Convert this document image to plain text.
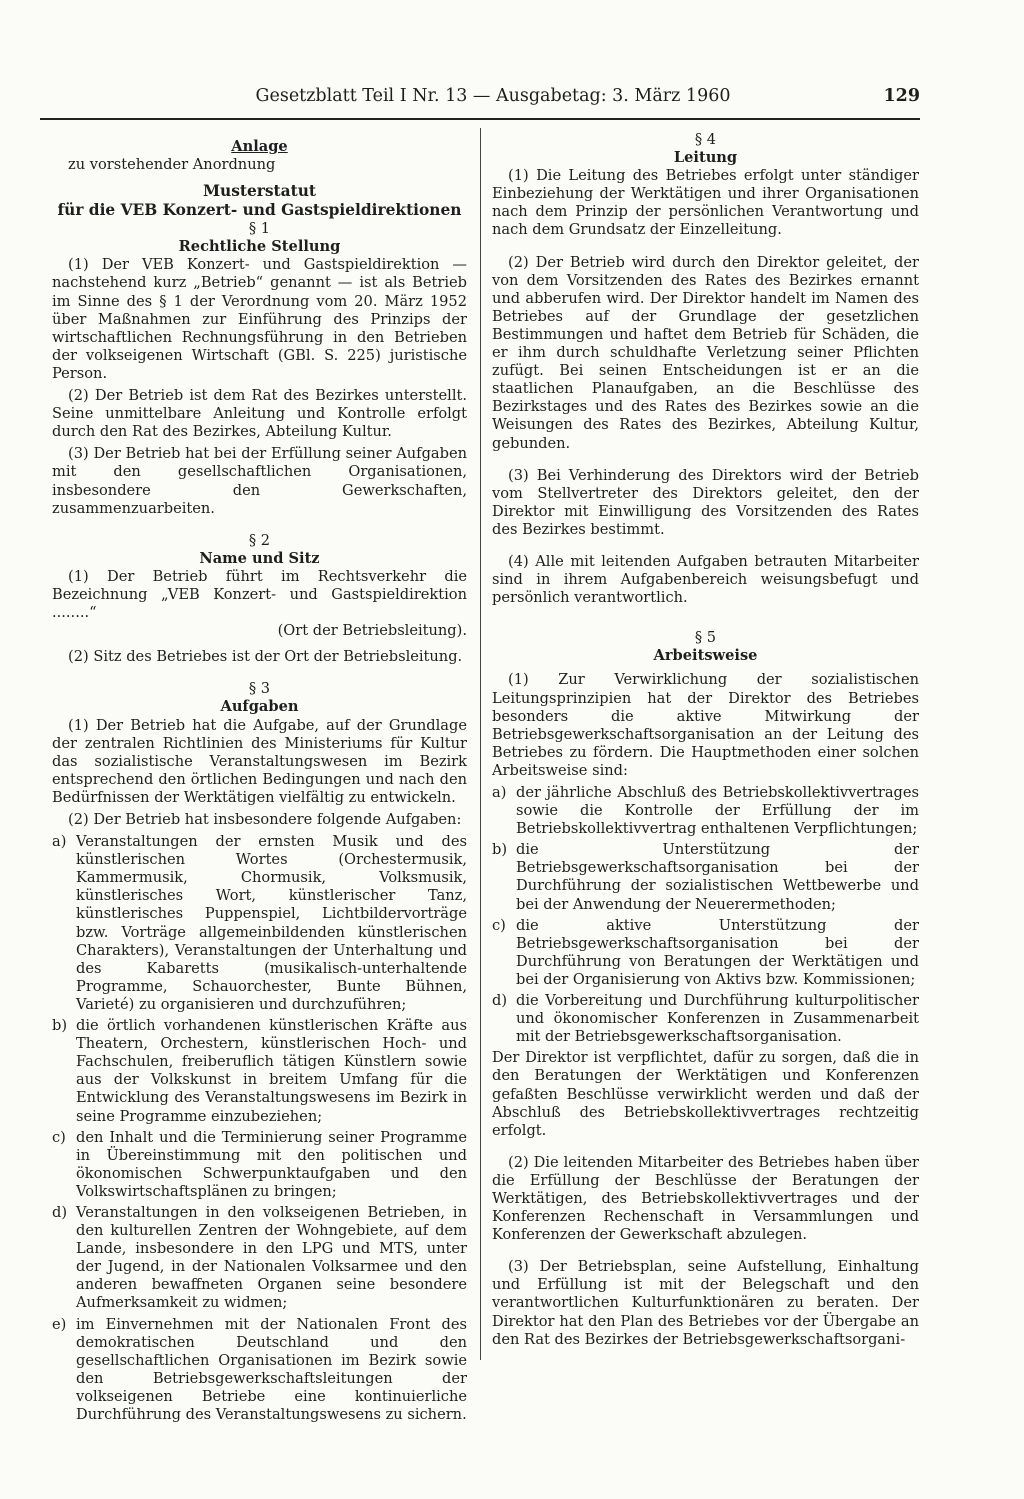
Gesetzblatt Teil I Nr. 13 — Ausgabetag: 3. März 1960	129

Anlage

zu vorstehender Anordnung

Musterstatut

für die VEB Konzert- und Gastspieldirektionen

§ 1

Rechtliche Stellung

(1) Der VEB Konzert- und Gastspieldirektion — nachstehend kurz „Betrieb“ genannt — ist als Betrieb im Sinne des § 1 der Verordnung vom 20. März 1952 über Maßnahmen zur Einführung des Prinzips der wirtschaftlichen Rechnungsführung in den Betrieben der volkseigenen Wirtschaft (GBl. S. 225) juristische Person.

(2) Der Betrieb ist dem Rat des Bezirkes unterstellt. Seine unmittelbare Anleitung und Kontrolle erfolgt durch den Rat des Bezirkes, Abteilung Kultur.

(3) Der Betrieb hat bei der Erfüllung seiner Aufgaben mit den gesellschaftlichen Organisationen, insbesondere den Gewerkschaften, zusammenzuarbeiten.

§ 2

Name und Sitz

(1) Der Betrieb führt im Rechtsverkehr die Bezeichnung „VEB Konzert- und Gastspieldirektion ........“

(Ort der Betriebsleitung).

(2) Sitz des Betriebes ist der Ort der Betriebsleitung.

§ 3

Aufgaben

(1) Der Betrieb hat die Aufgabe, auf der Grundlage der zentralen Richtlinien des Ministeriums für Kultur das sozialistische Veranstaltungswesen im Bezirk entsprechend den örtlichen Bedingungen und nach den Bedürfnissen der Werktätigen vielfältig zu entwickeln.

(2) Der Betrieb hat insbesondere folgende Aufgaben:

a) Veranstaltungen der ernsten Musik und des künstlerischen Wortes (Orchestermusik, Kammermusik, Chormusik, Volksmusik, künstlerisches Wort, künstlerischer Tanz, künstlerisches Puppenspiel, Lichtbildervorträge bzw. Vorträge allgemeinbildenden künstlerischen Charakters), Veranstaltungen der Unterhaltung und des Kabaretts (musikalisch-unterhaltende Programme, Schauorchester, Bunte Bühnen, Varieté) zu organisieren und durchzuführen;
b) die örtlich vorhandenen künstlerischen Kräfte aus Theatern, Orchestern, künstlerischen Hoch- und Fachschulen, freiberuflich tätigen Künstlern sowie aus der Volkskunst in breitem Umfang für die Entwicklung des Veranstaltungswesens im Bezirk in seine Programme einzubeziehen;
c) den Inhalt und die Terminierung seiner Programme in Übereinstimmung mit den politischen und ökonomischen Schwerpunktaufgaben und den Volkswirtschaftsplänen zu bringen;
d) Veranstaltungen in den volkseigenen Betrieben, in den kulturellen Zentren der Wohngebiete, auf dem Lande, insbesondere in den LPG und MTS, unter der Jugend, in der Nationalen Volksarmee und den anderen bewaffneten Organen seine besondere Aufmerksamkeit zu widmen;
e) im Einvernehmen mit der Nationalen Front des demokratischen Deutschland und den gesellschaftlichen Organisationen im Bezirk sowie den Betriebsgewerkschaftsleitungen der volkseigenen Betriebe eine kontinuierliche Durchführung des Veranstaltungswesens zu sichern.

§ 4

Leitung

(1) Die Leitung des Betriebes erfolgt unter ständiger Einbeziehung der Werktätigen und ihrer Organisationen nach dem Prinzip der persönlichen Verantwortung und nach dem Grundsatz der Einzelleitung.

(2) Der Betrieb wird durch den Direktor geleitet, der von dem Vorsitzenden des Rates des Bezirkes ernannt und abberufen wird. Der Direktor handelt im Namen des Betriebes auf der Grundlage der gesetzlichen Bestimmungen und haftet dem Betrieb für Schäden, die er ihm durch schuldhafte Verletzung seiner Pflichten zufügt. Bei seinen Entscheidungen ist er an die staatlichen Planaufgaben, an die Beschlüsse des Bezirkstages und des Rates des Bezirkes sowie an die Weisungen des Rates des Bezirkes, Abteilung Kultur, gebunden.

(3) Bei Verhinderung des Direktors wird der Betrieb vom Stellvertreter des Direktors geleitet, den der Direktor mit Einwilligung des Vorsitzenden des Rates des Bezirkes bestimmt.

(4) Alle mit leitenden Aufgaben betrauten Mitarbeiter sind in ihrem Aufgabenbereich weisungsbefugt und persönlich verantwortlich.

§ 5

Arbeitsweise

(1) Zur Verwirklichung der sozialistischen Leitungsprinzipien hat der Direktor des Betriebes besonders die aktive Mitwirkung der Betriebsgewerkschaftsorganisation an der Leitung des Betriebes zu fördern. Die Hauptmethoden einer solchen Arbeitsweise sind:

a) der jährliche Abschluß des Betriebskollektivvertrages sowie die Kontrolle der Erfüllung der im Betriebskollektivvertrag enthaltenen Verpflichtungen;
b) die Unterstützung der Betriebsgewerkschaftsorganisation bei der Durchführung der sozialistischen Wettbewerbe und bei der Anwendung der Neuerermethoden;
c) die aktive Unterstützung der Betriebsgewerkschaftsorganisation bei der Durchführung von Beratungen der Werktätigen und bei der Organisierung von Aktivs bzw. Kommissionen;
d) die Vorbereitung und Durchführung kulturpolitischer und ökonomischer Konferenzen in Zusammenarbeit mit der Betriebsgewerkschaftsorganisation.

Der Direktor ist verpflichtet, dafür zu sorgen, daß die in den Beratungen der Werktätigen und Konferenzen gefaßten Beschlüsse verwirklicht werden und daß der Abschluß des Betriebskollektivvertrages rechtzeitig erfolgt.

(2) Die leitenden Mitarbeiter des Betriebes haben über die Erfüllung der Beschlüsse der Beratungen der Werktätigen, des Betriebskollektivvertrages und der Konferenzen Rechenschaft in Versammlungen und Konferenzen der Gewerkschaft abzulegen.

(3) Der Betriebsplan, seine Aufstellung, Einhaltung und Erfüllung ist mit der Belegschaft und den verantwortlichen Kulturfunktionären zu beraten. Der Direktor hat den Plan des Betriebes vor der Übergabe an den Rat des Bezirkes der Betriebsgewerkschaftsorgani-
